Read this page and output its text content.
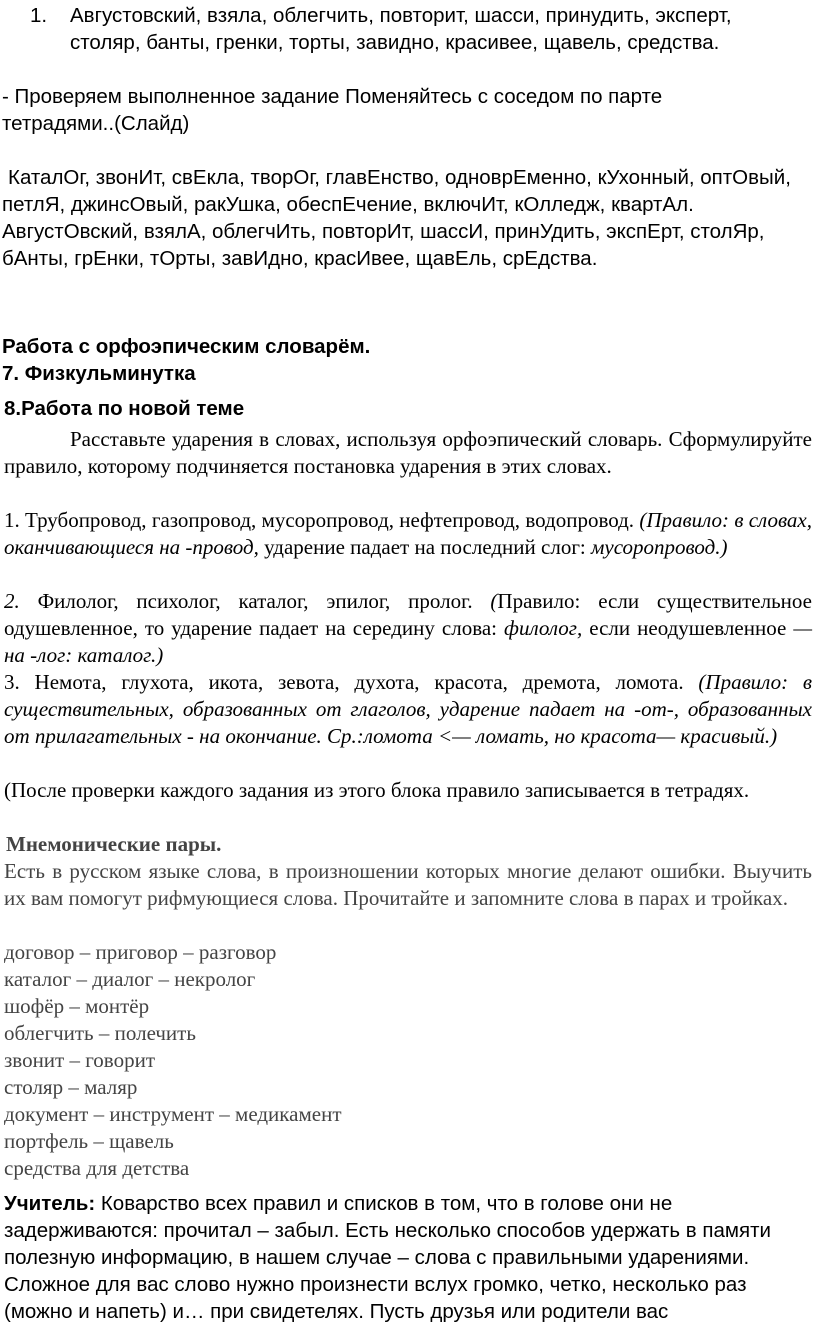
1.	Августовский, взяла, облегчить, повторит, шасси, принудить, эксперт, столяр, банты, гренки, торты, завидно, красивее, щавель, средства.

- Проверяем выполненное задание Поменяйтесь с соседом по парте тетрадями..(Слайд)

КаталОг, звонИт, свЕкла, творОг, главЕнство, одноврЕменно, кУхонный, оптОвый, петлЯ, джинсОвый, ракУшка, обеспЕчение, включИт, кОлледж, квартАл. АвгустОвский, взялА, облегчИть, повторИт, шассИ, принУдить, экспЕрт, столЯр, бАнты, грЕнки, тОрты, завИдно, красИвее, щавЕль, срЕдства.

Работа с орфоэпическим словарём.
7. Физкульминутка
8.Работа по новой теме

Расставьте ударения в словах, используя орфоэпический словарь. Сформулируйте правило, которому подчиняется постановка ударения в этих словах.

1. Трубопровод, газопровод, мусоропровод, нефтепровод, водопровод. (Правило: в словах, оканчивающиеся на -провод, ударение падает на последний слог: мусоропровод.)

2. Филолог, психолог, каталог, эпилог, пролог. (Правило: если существительное одушевленное, то ударение падает на середину слова: филолог, если неодушевленное — на -лог: каталог.)

3. Немота, глухота, икота, зевота, духота, красота, дремота, ломота. (Правило: в существительных, образованных от глаголов, ударение падает на -от-, образованных от прилагательных - на окончание. Ср.:ломота <— ломать, но красота— красивый.)

(После проверки каждого задания из этого блока правило записывается в тетрадях.

Мнемонические пары.

Есть в русском языке слова, в произношении которых многие делают ошибки. Выучить их вам помогут рифмующиеся слова. Прочитайте и запомните слова в парах и тройках.

договор – приговор – разговор
каталог – диалог – некролог
шофёр – монтёр
облегчить – полечить
звонит – говорит
столяр – маляр
документ – инструмент – медикамент
портфель – щавель
средства для детства

Учитель: Коварство всех правил и списков в том, что в голове они не задерживаются: прочитал – забыл. Есть несколько способов удержать в памяти полезную информацию, в нашем случае – слова с правильными ударениями. Сложное для вас слово нужно произнести вслух громко, четко, несколько раз (можно и напеть) и… при свидетелях. Пусть друзья или родители вас
